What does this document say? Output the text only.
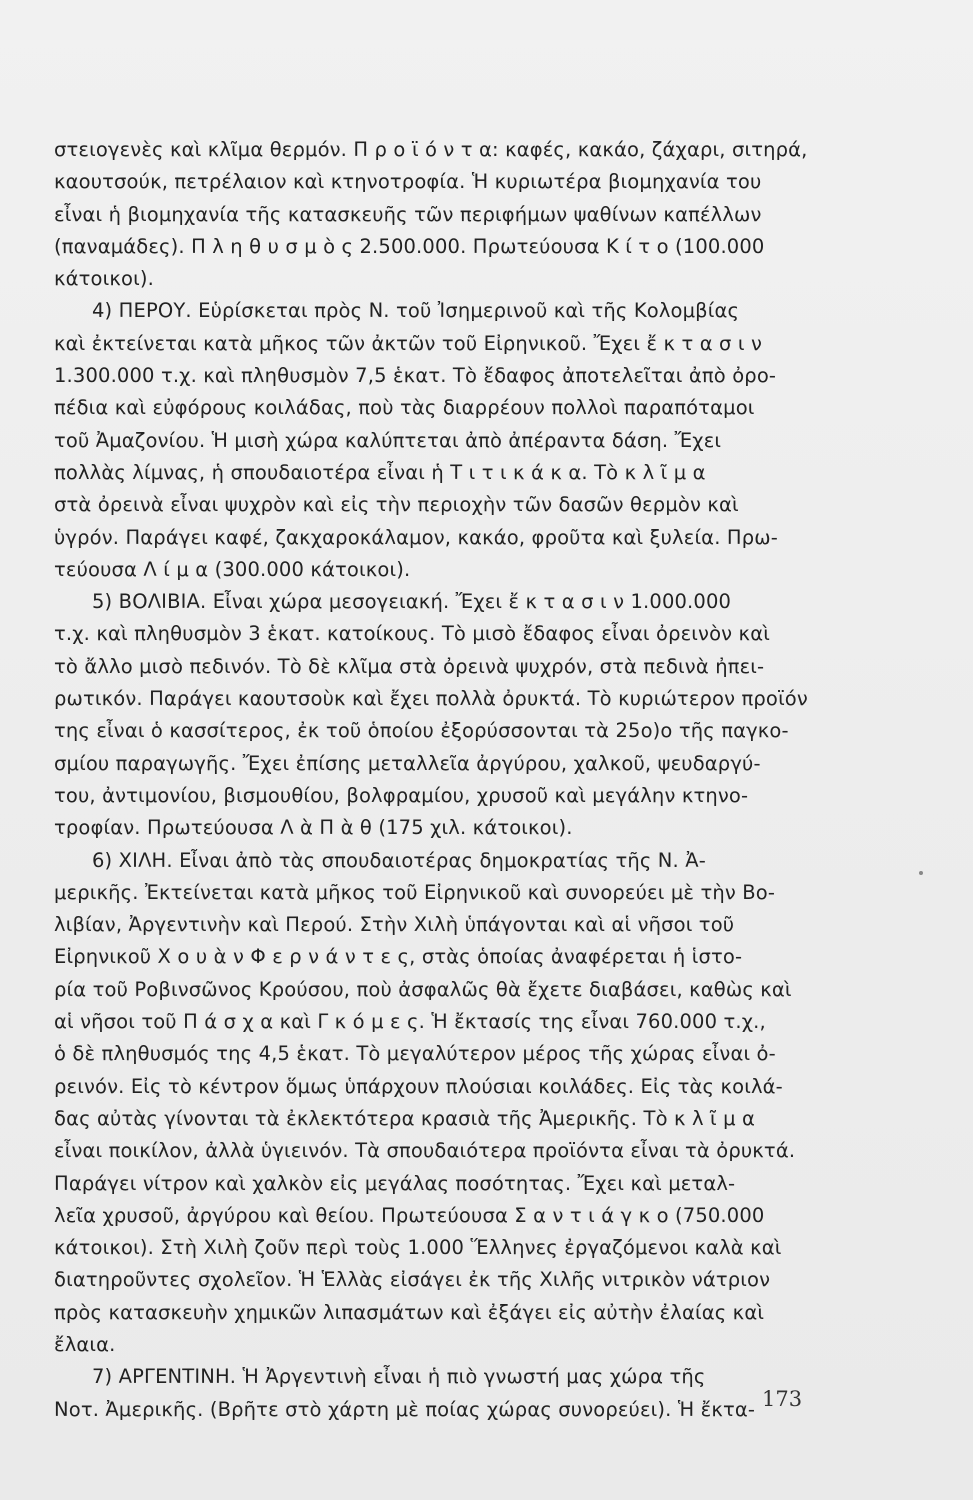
στειογενὲς καὶ κλῖμα θερμόν. Π ρ ο ϊ ό ν τ α: καφές, κακάο, ζάχαρι, σιτηρά,
καουτσούκ, πετρέλαιον καὶ κτηνοτροφία. Ἡ κυριωτέρα βιομηχανία του
εἶναι ἡ βιομηχανία τῆς κατασκευῆς τῶν περιφήμων ψαθίνων καπέλλων
(παναμάδες). Π λ η θ υ σ μ ὸ ς 2.500.000. Πρωτεύουσα Κ ί τ ο (100.000
κάτοικοι).
4) ΠΕΡΟΥ. Εὑρίσκεται πρὸς Ν. τοῦ Ἰσημερινοῦ καὶ τῆς Κολομβίας
καὶ ἐκτείνεται κατὰ μῆκος τῶν ἀκτῶν τοῦ Εἰρηνικοῦ. Ἔχει ἔ κ τ α σ ι ν
1.300.000 τ.χ. καὶ πληθυσμὸν 7,5 ἑκατ. Τὸ ἔδαφος ἀποτελεῖται ἀπὸ ὀρο-
πέδια καὶ εὐφόρους κοιλάδας, ποὺ τὰς διαρρέουν πολλοὶ παραπόταμοι
τοῦ Ἀμαζονίου. Ἡ μισὴ χώρα καλύπτεται ἀπὸ ἀπέραντα δάση. Ἔχει
πολλὰς λίμνας, ἡ σπουδαιοτέρα εἶναι ἡ Τ ι τ ι κ ά κ α. Τὸ κ λ ῖ μ α
στὰ ὀρεινὰ εἶναι ψυχρὸν καὶ εἰς τὴν περιοχὴν τῶν δασῶν θερμὸν καὶ
ὑγρόν. Παράγει καφέ, ζακχαροκάλαμον, κακάο, φροῦτα καὶ ξυλεία. Πρω-
τεύουσα Λ ί μ α (300.000 κάτοικοι).
5) ΒΟΛΙΒΙΑ. Εἶναι χώρα μεσογειακή. Ἔχει ἔ κ τ α σ ι ν 1.000.000
τ.χ. καὶ πληθυσμὸν 3 ἑκατ. κατοίκους. Τὸ μισὸ ἔδαφος εἶναι ὀρεινὸν καὶ
τὸ ἄλλο μισὸ πεδινόν. Τὸ δὲ κλῖμα στὰ ὀρεινὰ ψυχρόν, στὰ πεδινὰ ἠπει-
ρωτικόν. Παράγει καουτσοὺκ καὶ ἔχει πολλὰ ὀρυκτά. Τὸ κυριώτερον προϊόν
της εἶναι ὁ κασσίτερος, ἐκ τοῦ ὁποίου ἐξορύσσονται τὰ 25ο)ο τῆς παγκο-
σμίου παραγωγῆς. Ἔχει ἐπίσης μεταλλεῖα ἀργύρου, χαλκοῦ, ψευδαργύ-
του, ἀντιμονίου, βισμουθίου, βολφραμίου, χρυσοῦ καὶ μεγάλην κτηνο-
τροφίαν. Πρωτεύουσα Λ ὰ Π ὰ θ (175 χιλ. κάτοικοι).
6) ΧΙΛΗ. Εἶναι ἀπὸ τὰς σπουδαιοτέρας δημοκρατίας τῆς Ν. Ἀ-
μερικῆς. Ἐκτείνεται κατὰ μῆκος τοῦ Εἰρηνικοῦ καὶ συνορεύει μὲ τὴν Βο-
λιβίαν, Ἀργεντινὴν καὶ Περού. Στὴν Χιλὴ ὑπάγονται καὶ αἱ νῆσοι τοῦ
Εἰρηνικοῦ Χ ο υ ὰ ν Φ ε ρ ν ά ν τ ε ς, στὰς ὁποίας ἀναφέρεται ἡ ἱστο-
ρία τοῦ Ροβινσῶνος Κρούσου, ποὺ ἀσφαλῶς θὰ ἔχετε διαβάσει, καθὼς καὶ
αἱ νῆσοι τοῦ Π ά σ χ α καὶ Γ κ ό μ ε ς. Ἡ ἔκτασίς της εἶναι 760.000 τ.χ.,
ὁ δὲ πληθυσμός της 4,5 ἑκατ. Τὸ μεγαλύτερον μέρος τῆς χώρας εἶναι ὀ-
ρεινόν. Εἰς τὸ κέντρον ὅμως ὑπάρχουν πλούσιαι κοιλάδες. Εἰς τὰς κοιλά-
δας αὐτὰς γίνονται τὰ ἐκλεκτότερα κρασιὰ τῆς Ἀμερικῆς. Τὸ κ λ ῖ μ α
εἶναι ποικίλον, ἀλλὰ ὑγιεινόν. Τὰ σπουδαιότερα προϊόντα εἶναι τὰ ὀρυκτά.
Παράγει νίτρον καὶ χαλκὸν εἰς μεγάλας ποσότητας. Ἔχει καὶ μεταλ-
λεῖα χρυσοῦ, ἀργύρου καὶ θείου. Πρωτεύουσα Σ α ν τ ι ά γ κ ο (750.000
κάτοικοι). Στὴ Χιλὴ ζοῦν περὶ τοὺς 1.000 Ἕλληνες ἐργαζόμενοι καλὰ καὶ
διατηροῦντες σχολεῖον. Ἡ Ἑλλὰς εἰσάγει ἐκ τῆς Χιλῆς νιτρικὸν νάτριον
πρὸς κατασκευὴν χημικῶν λιπασμάτων καὶ ἐξάγει εἰς αὐτὴν ἐλαίας καὶ
ἔλαια.
7) ΑΡΓΕΝΤΙΝΗ. Ἡ Ἀργεντινὴ εἶναι ἡ πιὸ γνωστή μας χώρα τῆς
Νοτ. Ἀμερικῆς. (Βρῆτε στὸ χάρτη μὲ ποίας χώρας συνορεύει). Ἡ ἔκτα- 173
